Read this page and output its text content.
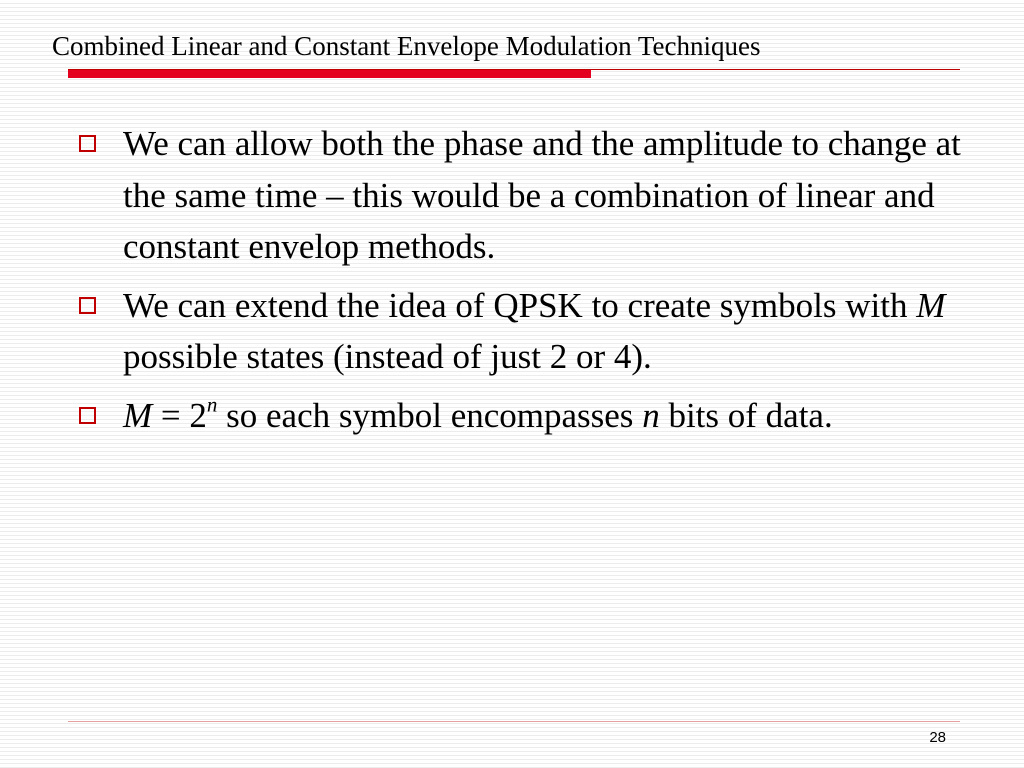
Combined Linear and Constant Envelope Modulation Techniques
We can allow both the phase and the amplitude to change at the same time – this would be a combination of linear and constant envelop methods.
We can extend the idea of QPSK to create symbols with M possible states (instead of just 2 or 4).
$M = 2^n$ so each symbol encompasses n bits of data.
28
